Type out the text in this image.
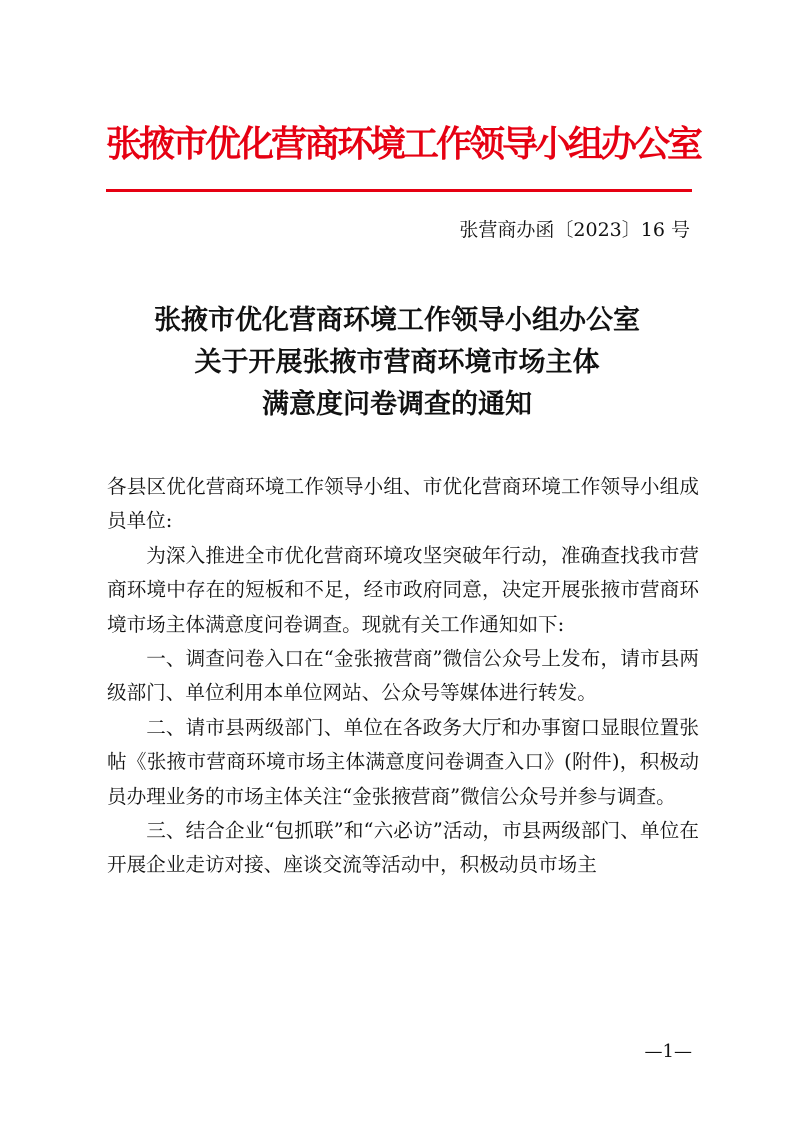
张掖市优化营商环境工作领导小组办公室
张营商办函〔2023〕16 号
张掖市优化营商环境工作领导小组办公室
关于开展张掖市营商环境市场主体
满意度问卷调查的通知

各县区优化营商环境工作领导小组、市优化营商环境工作领导小组成员单位:

为深入推进全市优化营商环境攻坚突破年行动，准确查找我市营商环境中存在的短板和不足，经市政府同意，决定开展张掖市营商环境市场主体满意度问卷调查。现就有关工作通知如下:

一、调查问卷入口在“金张掖营商”微信公众号上发布，请市县两级部门、单位利用本单位网站、公众号等媒体进行转发。

二、请市县两级部门、单位在各政务大厅和办事窗口显眼位置张帖《张掖市营商环境市场主体满意度问卷调查入口》(附件)，积极动员办理业务的市场主体关注“金张掖营商”微信公众号并参与调查。

三、结合企业“包抓联”和“六必访”活动，市县两级部门、单位在开展企业走访对接、座谈交流等活动中，积极动员市场主

—1—
